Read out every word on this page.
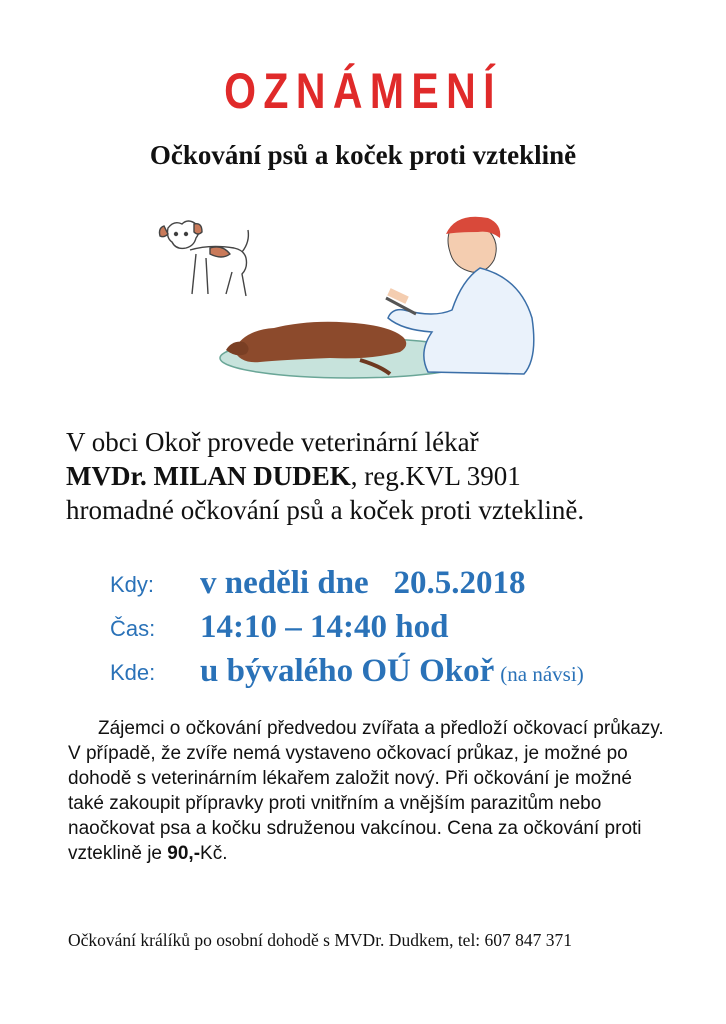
OZNÁMENÍ
Očkování psů a koček proti vzteklině
V obci Okoř provede veterinární lékař
MVDr. MILAN DUDEK, reg.KVL 3901
hromadné očkování psů a koček proti vzteklině.
Kdy: v neděli dne   20.5.2018
Čas: 14:10 – 14:40 hod
Kde: u bývalého OÚ Okoř (na návsi)
Zájemci o očkování předvedou zvířata a předloží očkovací průkazy. V případě, že zvíře nemá vystaveno očkovací průkaz, je možné po dohodě s veterinárním lékařem založit nový. Při očkování je možné také zakoupit přípravky proti vnitřním a vnějším parazitům nebo naočkovat psa a kočku sdruženou vakcínou. Cena za očkování proti vzteklině je 90,-Kč.
Očkování králíků po osobní dohodě s MVDr. Dudkem, tel: 607 847 371
